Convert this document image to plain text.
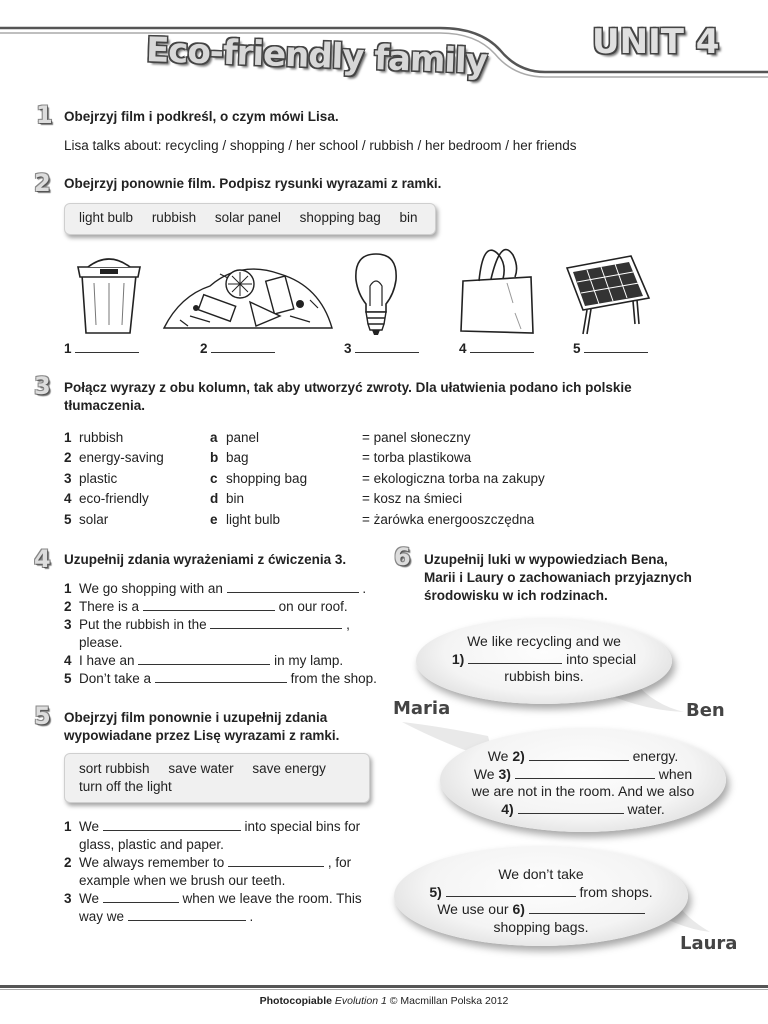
Eco-friendly family	UNIT 4
1 Obejrzyj film i podkreśl, o czym mówi Lisa.
Lisa talks about: recycling / shopping / her school / rubbish / her bedroom / her friends
2 Obejrzyj ponownie film. Podpisz rysunki wyrazami z ramki.
light bulb rubbish solar panel shopping bag bin
1	2	3	4	5
3 Połącz wyrazy z obu kolumn, tak aby utworzyć zwroty. Dla ułatwienia podano ich polskie tłumaczenia.
1	rubbish	a	panel	= panel słoneczny
2	energy-saving	b	bag	= torba plastikowa
3	plastic	c	shopping bag	= ekologiczna torba na zakupy
4	eco-friendly	d	bin	= kosz na śmieci
5	solar	e	light bulb	= żarówka energooszczędna
4 Uzupełnij zdania wyrażeniami z ćwiczenia 3.
1 We go shopping with an	.
2 There is a	on our roof.
3 Put the rubbish in the	,
please.
4 I have an	in my lamp.
5 Don’t take a	from the shop.
5 Obejrzyj film ponownie i uzupełnij zdania
wypowiadane przez Lisę wyrazami z ramki.
sort rubbish save water save energy
turn off the light
1 We	into special bins for
glass, plastic and paper.
2 We always remember to	, for
example when we brush our teeth.
3 We	when we leave the room. This
way we	.
6 Uzupełnij luki w wypowiedziach Bena,
Marii i Laury o zachowaniach przyjaznych
środowisku w ich rodzinach.
We like recycling and we
1)	into special
rubbish bins.
Ben
Maria
We 2)	energy.
We 3)	when
we are not in the room. And we also
4)	water.
We don’t take
5)	from shops.
We use our 6)
shopping bags.
Laura
Photocopiable Evolution 1 © Macmillan Polska 2012
